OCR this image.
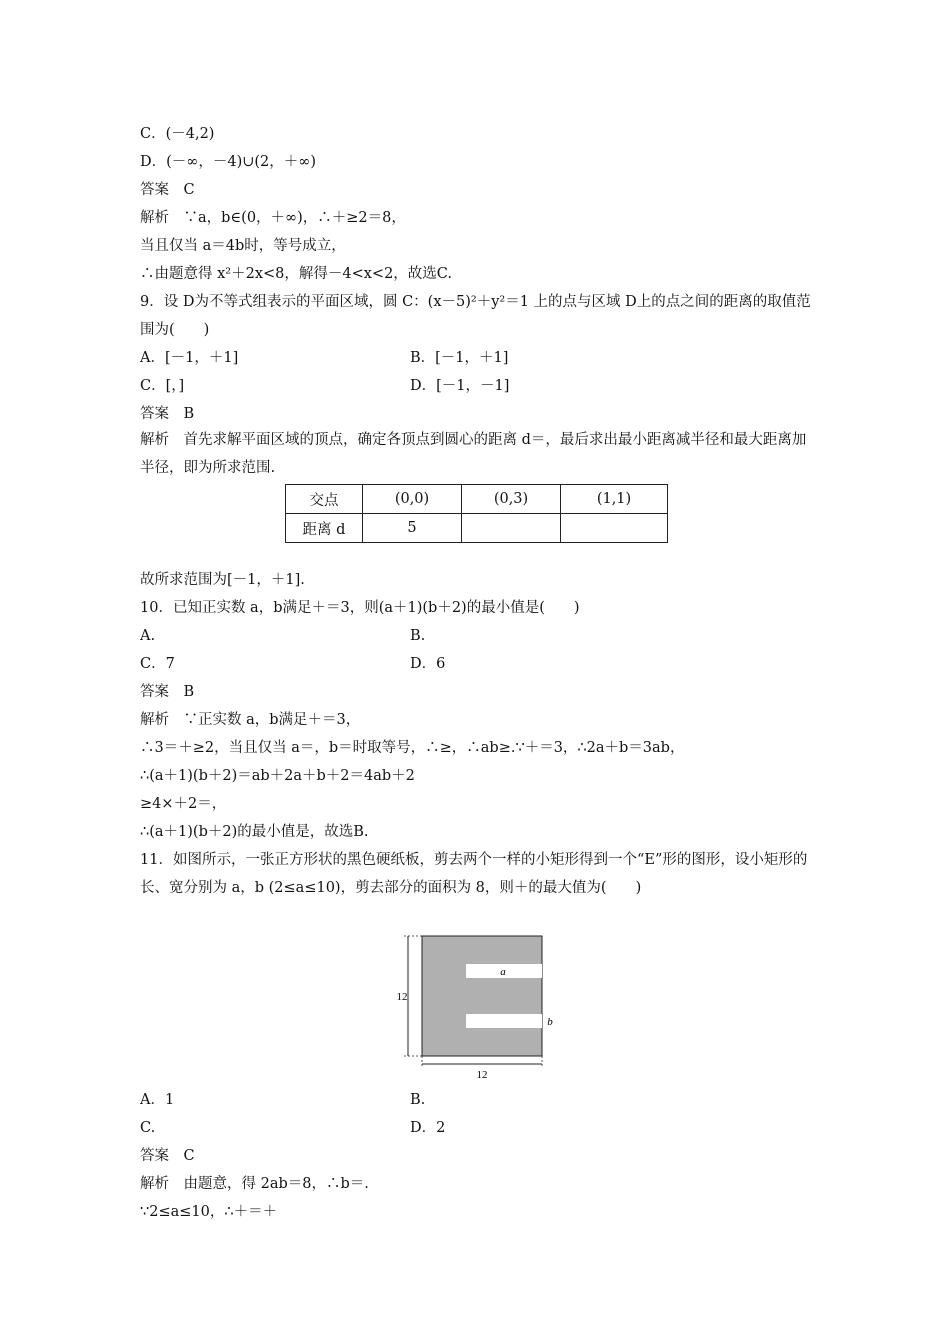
C．(－4,2)
D．(－∞，－4)∪(2，＋∞)
答案　C
解析　∵a，b∈(0，＋∞)，∴＋≥2＝8，
当且仅当 a＝4b时，等号成立，
∴由题意得 x²＋2x<8，解得－4<x<2，故选C.
9．设 D为不等式组表示的平面区域，圆 C：(x－5)²＋y²＝1 上的点与区域 D上的点之间的距离的取值范围为(　　)
A．[－1，＋1]	B．[－1，＋1]
C．[，]	D．[－1，－1]
答案　B
解析　首先求解平面区域的顶点，确定各顶点到圆心的距离 d＝，最后求出最小距离减半径和最大距离加半径，即为所求范围.
交点	(0,0)	(0,3)	(1,1)
距离 d	5		
故所求范围为[－1，＋1].
10．已知正实数 a，b满足＋＝3，则(a＋1)(b＋2)的最小值是(　　)
A.	B.
C．7	D．6
答案　B
解析　∵正实数 a，b满足＋＝3，
∴3＝＋≥2，当且仅当 a＝，b＝时取等号，∴≥，∴ab≥.∵＋＝3，∴2a＋b＝3ab，
∴(a＋1)(b＋2)＝ab＋2a＋b＋2＝4ab＋2
≥4×＋2＝，
∴(a＋1)(b＋2)的最小值是，故选B.
11．如图所示，一张正方形状的黑色硬纸板，剪去两个一样的小矩形得到一个“E”形的图形，设小矩形的长、宽分别为 a，b (2≤a≤10)，剪去部分的面积为 8，则＋的最大值为(　　)
12
12
a
b
A．1	B.
C.	D．2
答案　C
解析　由题意，得 2ab＝8，∴b＝.
∵2≤a≤10，∴＋＝＋
